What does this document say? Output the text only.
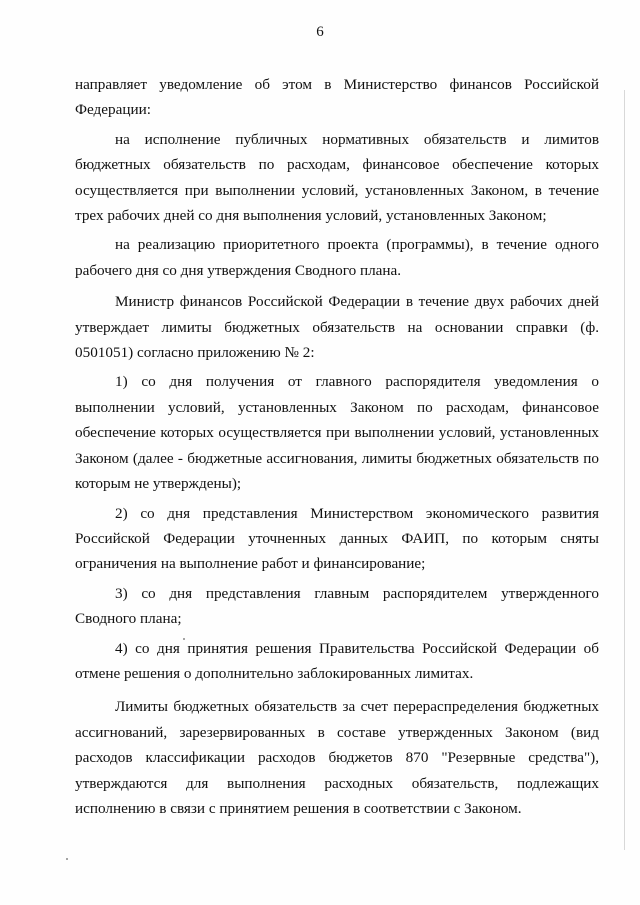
6

направляет уведомление об этом в Министерство финансов Российской Федерации:

на исполнение публичных нормативных обязательств и лимитов бюджетных обязательств по расходам, финансовое обеспечение которых осуществляется при выполнении условий, установленных Законом, в течение трех рабочих дней со дня выполнения условий, установленных Законом;

на реализацию приоритетного проекта (программы), в течение одного рабочего дня со дня утверждения Сводного плана.

Министр финансов Российской Федерации в течение двух рабочих дней утверждает лимиты бюджетных обязательств на основании справки (ф. 0501051) согласно приложению № 2:

1) со дня получения от главного распорядителя уведомления о выполнении условий, установленных Законом по расходам, финансовое обеспечение которых осуществляется при выполнении условий, установленных Законом (далее - бюджетные ассигнования, лимиты бюджетных обязательств по которым не утверждены);

2) со дня представления Министерством экономического развития Российской Федерации уточненных данных ФАИП, по которым сняты ограничения на выполнение работ и финансирование;

3) со дня представления главным распорядителем утвержденного Сводного плана;

4) со дня принятия решения Правительства Российской Федерации об отмене решения о дополнительно заблокированных лимитах.

Лимиты бюджетных обязательств за счет перераспределения бюджетных ассигнований, зарезервированных в составе утвержденных Законом (вид расходов классификации расходов бюджетов 870 "Резервные средства"), утверждаются для выполнения расходных обязательств, подлежащих исполнению в связи с принятием решения в соответствии с Законом.
